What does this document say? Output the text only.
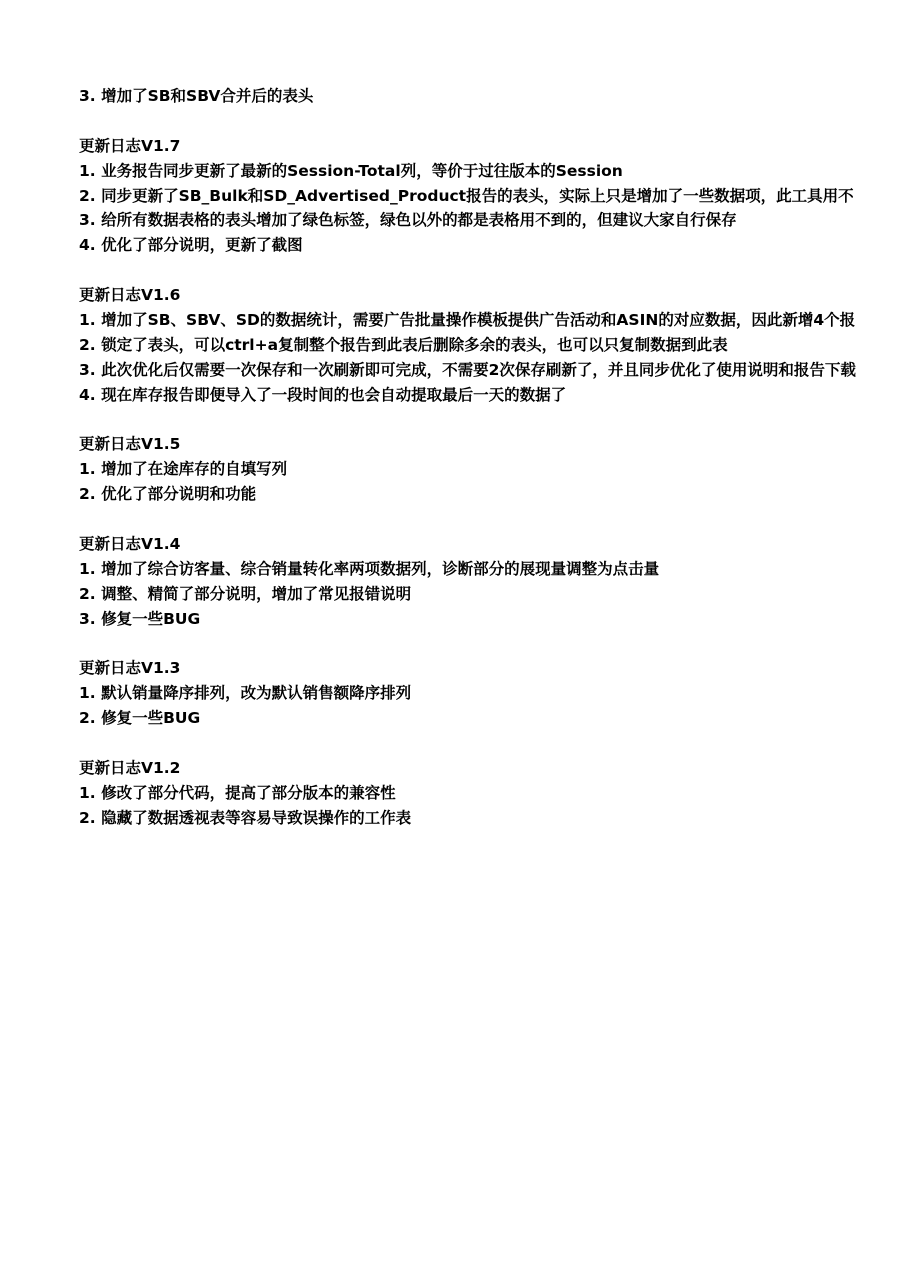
3. 增加了SB和SBV合并后的表头
更新日志V1.7
1. 业务报告同步更新了最新的Session-Total列，等价于过往版本的Session
2. 同步更新了SB_Bulk和SD_Advertised_Product报告的表头，实际上只是增加了一些数据项，此工具用不
3. 给所有数据表格的表头增加了绿色标签，绿色以外的都是表格用不到的，但建议大家自行保存
4. 优化了部分说明，更新了截图
更新日志V1.6
1. 增加了SB、SBV、SD的数据统计，需要广告批量操作模板提供广告活动和ASIN的对应数据，因此新增4个报
2. 锁定了表头，可以ctrl+a复制整个报告到此表后删除多余的表头，也可以只复制数据到此表
3. 此次优化后仅需要一次保存和一次刷新即可完成，不需要2次保存刷新了，并且同步优化了使用说明和报告下载
4. 现在库存报告即便导入了一段时间的也会自动提取最后一天的数据了
更新日志V1.5
1. 增加了在途库存的自填写列
2. 优化了部分说明和功能
更新日志V1.4
1. 增加了综合访客量、综合销量转化率两项数据列，诊断部分的展现量调整为点击量
2. 调整、精简了部分说明，增加了常见报错说明
3. 修复一些BUG
更新日志V1.3
1. 默认销量降序排列，改为默认销售额降序排列
2. 修复一些BUG
更新日志V1.2
1. 修改了部分代码，提高了部分版本的兼容性
2. 隐藏了数据透视表等容易导致误操作的工作表
